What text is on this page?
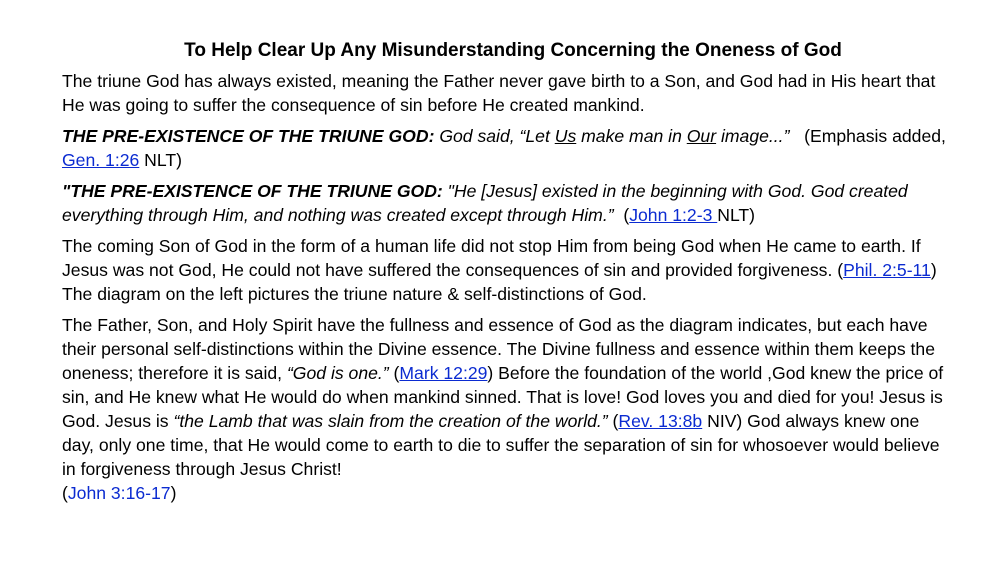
To Help Clear Up Any Misunderstanding Concerning the Oneness of God

The triune God has always existed, meaning the Father never gave birth to a Son, and God had in His heart that He was going to suffer the consequence of sin before He created mankind.

THE PRE-EXISTENCE OF THE TRIUNE GOD: God said, “Let Us make man in Our image...”   (Emphasis added, Gen. 1:26 NLT)

"THE PRE-EXISTENCE OF THE TRIUNE GOD: "He [Jesus] existed in the beginning with God. God created everything through Him, and nothing was created except through Him.”  (John 1:2-3 NLT)

The coming Son of God in the form of a human life did not stop Him from being God when He came to earth. If Jesus was not God, He could not have suffered the consequences of sin and provided forgiveness. (Phil. 2:5-11) The diagram on the left pictures the triune nature & self-distinctions of God.

The Father, Son, and Holy Spirit have the fullness and essence of God as the diagram indicates, but each have their personal self-distinctions within the Divine essence. The Divine fullness and essence within them keeps the oneness; therefore it is said, “God is one.” (Mark 12:29) Before the foundation of the world ,God knew the price of sin, and He knew what He would do when mankind sinned. That is love! God loves you and died for you! Jesus is God. Jesus is “the Lamb that was slain from the creation of the world.” (Rev. 13:8b NIV) God always knew one day, only one time, that He would come to earth to die to suffer the separation of sin for whosoever would believe in forgiveness through Jesus Christ!
(John 3:16-17)
